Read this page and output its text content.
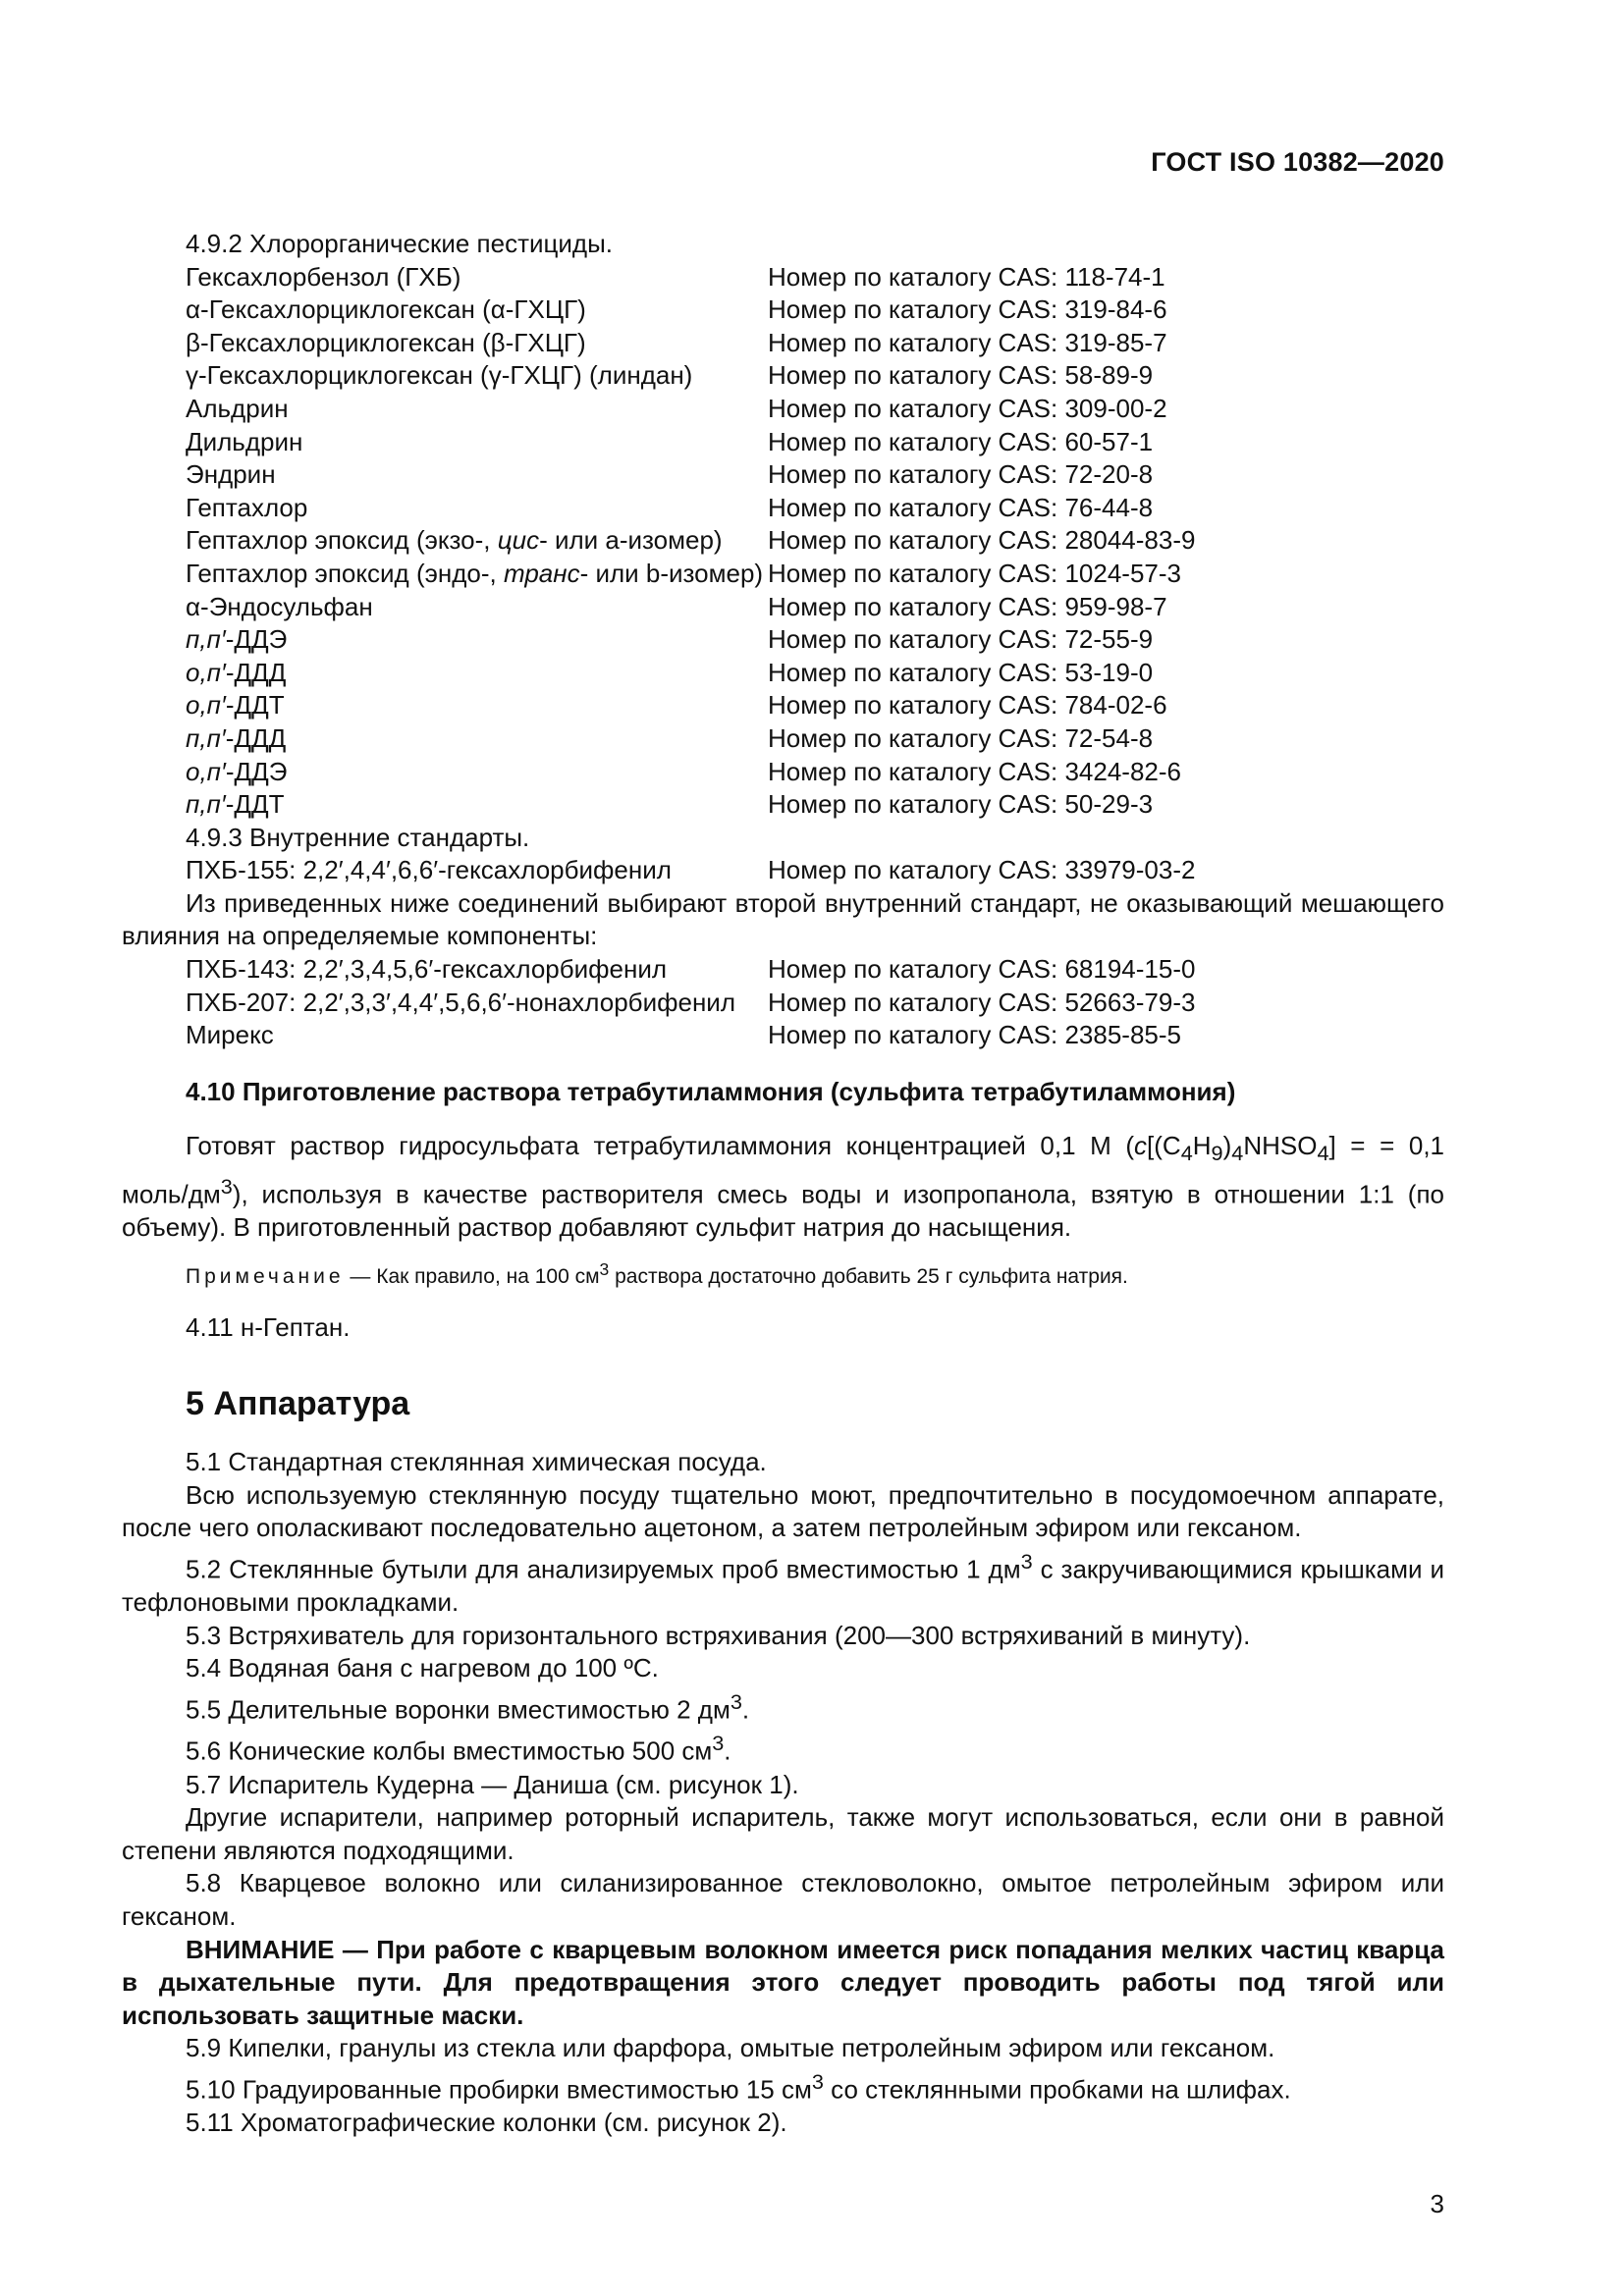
ГОСТ ISO 10382—2020

4.9.2 Хлорорганические пестициды.

Гексахлорбензол (ГХБ)	Номер по каталогу CAS: 118-74-1
α-Гексахлорциклогексан (α-ГХЦГ)	Номер по каталогу CAS: 319-84-6
β-Гексахлорциклогексан (β-ГХЦГ)	Номер по каталогу CAS: 319-85-7
γ-Гексахлорциклогексан (γ-ГХЦГ) (линдан)	Номер по каталогу CAS: 58-89-9
Альдрин	Номер по каталогу CAS: 309-00-2
Дильдрин	Номер по каталогу CAS: 60-57-1
Эндрин	Номер по каталогу CAS: 72-20-8
Гептахлор	Номер по каталогу CAS: 76-44-8
Гептахлор эпоксид (экзо-, цис- или a-изомер)	Номер по каталогу CAS: 28044-83-9
Гептахлор эпоксид (эндо-, транс- или b-изомер) Номер по каталогу CAS: 1024-57-3
α-Эндосульфан	Номер по каталогу CAS: 959-98-7
п,п′-ДДЭ	Номер по каталогу CAS: 72-55-9
о,п′-ДДД	Номер по каталогу CAS: 53-19-0
о,п′-ДДТ	Номер по каталогу CAS: 784-02-6
п,п′-ДДД	Номер по каталогу CAS: 72-54-8
о,п′-ДДЭ	Номер по каталогу CAS: 3424-82-6
п,п′-ДДТ	Номер по каталогу CAS: 50-29-3

4.9.3 Внутренние стандарты.

ПХБ-155: 2,2′,4,4′,6,6′-гексахлорбифенил	Номер по каталогу CAS: 33979-03-2

Из приведенных ниже соединений выбирают второй внутренний стандарт, не оказывающий мешающего влияния на определяемые компоненты:

ПХБ-143: 2,2′,3,4,5,6′-гексахлорбифенил	Номер по каталогу CAS: 68194-15-0
ПХБ-207: 2,2′,3,3′,4,4′,5,6,6′-нонахлорбифенил	Номер по каталогу CAS: 52663-79-3
Мирекс	Номер по каталогу CAS: 2385-85-5

4.10 Приготовление раствора тетрабутиламмония (сульфита тетрабутиламмония)

Готовят раствор гидросульфата тетрабутиламмония концентрацией 0,1 М ($c[(C_4H_9)_4NHSO_4]$ = = 0,1 моль/$дм^3$), используя в качестве растворителя смесь воды и изопропанола, взятую в отношении 1:1 (по объему). В приготовленный раствор добавляют сульфит натрия до насыщения.

Примечание — Как правило, на 100 $см^3$ раствора достаточно добавить 25 г сульфита натрия.

4.11 н-Гептан.

5 Аппаратура

5.1 Стандартная стеклянная химическая посуда.

Всю используемую стеклянную посуду тщательно моют, предпочтительно в посудомоечном аппарате, после чего ополаскивают последовательно ацетоном, а затем петролейным эфиром или гексаном.

5.2 Стеклянные бутыли для анализируемых проб вместимостью 1 $дм^3$ с закручивающимися крышками и тефлоновыми прокладками.

5.3 Встряхиватель для горизонтального встряхивания (200—300 встряхиваний в минуту).

5.4 Водяная баня с нагревом до 100 ºС.

5.5 Делительные воронки вместимостью 2 $дм^3$.

5.6 Конические колбы вместимостью 500 $см^3$.

5.7 Испаритель Кудерна — Даниша (см. рисунок 1).

Другие испарители, например роторный испаритель, также могут использоваться, если они в равной степени являются подходящими.

5.8 Кварцевое волокно или силанизированное стекловолокно, омытое петролейным эфиром или гексаном.

ВНИМАНИЕ — При работе с кварцевым волокном имеется риск попадания мелких частиц кварца в дыхательные пути. Для предотвращения этого следует проводить работы под тягой или использовать защитные маски.

5.9 Кипелки, гранулы из стекла или фарфора, омытые петролейным эфиром или гексаном.

5.10 Градуированные пробирки вместимостью 15 $см^3$ со стеклянными пробками на шлифах.

5.11 Хроматографические колонки (см. рисунок 2).

3
